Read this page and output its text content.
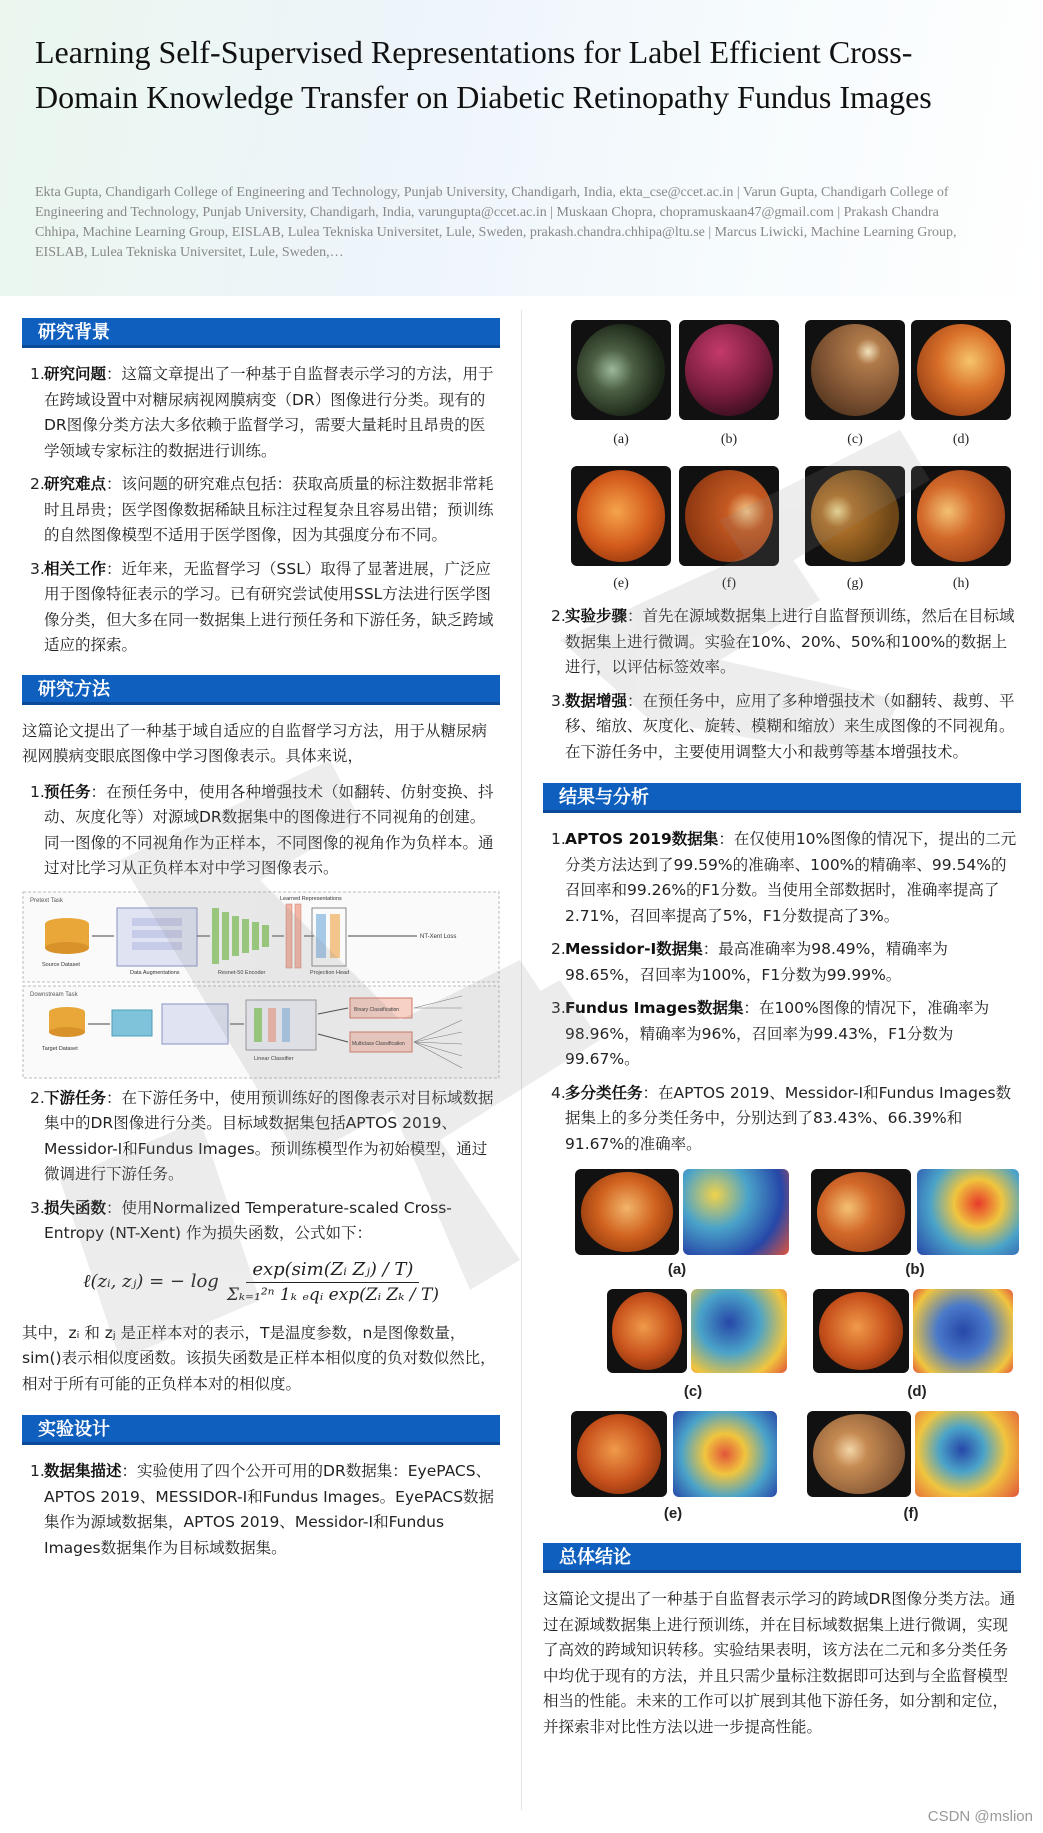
Learning Self-Supervised Representations for Label Efficient Cross-Domain Knowledge Transfer on Diabetic Retinopathy Fundus Images
Ekta Gupta, Chandigarh College of Engineering and Technology, Punjab University, Chandigarh, India, ekta_cse@ccet.ac.in | Varun Gupta, Chandigarh College of Engineering and Technology, Punjab University, Chandigarh, India, varungupta@ccet.ac.in | Muskaan Chopra, chopramuskaan47@gmail.com | Prakash Chandra Chhipa, Machine Learning Group, EISLAB, Lulea Tekniska Universitet, Lule, Sweden, prakash.chandra.chhipa@ltu.se | Marcus Liwicki, Machine Learning Group, EISLAB, Lulea Tekniska Universitet, Lule, Sweden,…
研究背景
1. 研究问题：这篇文章提出了一种基于自监督表示学习的方法，用于在跨域设置中对糖尿病视网膜病变（DR）图像进行分类。现有的DR图像分类方法大多依赖于监督学习，需要大量耗时且昂贵的医学领域专家标注的数据进行训练。
2. 研究难点：该问题的研究难点包括：获取高质量的标注数据非常耗时且昂贵；医学图像数据稀缺且标注过程复杂且容易出错；预训练的自然图像模型不适用于医学图像，因为其强度分布不同。
3. 相关工作：近年来，无监督学习（SSL）取得了显著进展，广泛应用于图像特征表示的学习。已有研究尝试使用SSL方法进行医学图像分类，但大多在同一数据集上进行预任务和下游任务，缺乏跨域适应的探索。
研究方法

这篇论文提出了一种基于域自适应的自监督学习方法，用于从糖尿病视网膜病变眼底图像中学习图像表示。具体来说，

1. 预任务：在预任务中，使用各种增强技术（如翻转、仿射变换、抖动、灰度化等）对源域DR数据集中的图像进行不同视角的创建。同一图像的不同视角作为正样本，不同图像的视角作为负样本。通过对比学习从正负样本对中学习图像表示。
Pretext Task
Downstream Task
Source Dataset
Data Augmentations	Resnet-50 Encoder
Learned Representations
Projection Head
NT-Xent Loss
Target Dataset
Linear Classifier
Binary Classification
Multiclass Classification
2. 下游任务：在下游任务中，使用预训练好的图像表示对目标域数据集中的DR图像进行分类。目标域数据集包括APTOS 2019、Messidor-I和Fundus Images。预训练模型作为初始模型，通过微调进行下游任务。
3. 损失函数：使用Normalized Temperature-scaled Cross-Entropy (NT-Xent) 作为损失函数，公式如下：
ℓ(zᵢ, zⱼ) = − $\log \frac{\text{exp(sim(Zᵢ Zⱼ) / T)}}{\text{Σₖ₌₁²ⁿ 1ₖ ₑqᵢ exp(Zᵢ Zₖ / T)}}$

其中，zᵢ 和 zⱼ 是正样本对的表示，T是温度参数，n是图像数量，sim()表示相似度函数。该损失函数是正样本相似度的负对数似然比，相对于所有可能的正负样本对的相似度。

实验设计
1. 数据集描述：实验使用了四个公开可用的DR数据集：EyePACS、APTOS 2019、MESSIDOR-I和Fundus Images。EyePACS数据集作为源域数据集，APTOS 2019、Messidor-I和Fundus Images数据集作为目标域数据集。
(a)	(b)	(c)	(d)
(e)	(f)	(g)	(h)
2. 实验步骤：首先在源域数据集上进行自监督预训练，然后在目标域数据集上进行微调。实验在10%、20%、50%和100%的数据上进行，以评估标签效率。
3. 数据增强：在预任务中，应用了多种增强技术（如翻转、裁剪、平移、缩放、灰度化、旋转、模糊和缩放）来生成图像的不同视角。在下游任务中，主要使用调整大小和裁剪等基本增强技术。
结果与分析
1. APTOS 2019数据集：在仅使用10%图像的情况下，提出的二元分类方法达到了99.59%的准确率、100%的精确率、99.54%的召回率和99.26%的F1分数。当使用全部数据时，准确率提高了2.71%，召回率提高了5%，F1分数提高了3%。
2. Messidor-I数据集：最高准确率为98.49%，精确率为98.65%，召回率为100%，F1分数为99.99%。
3. Fundus Images数据集：在100%图像的情况下，准确率为98.96%，精确率为96%，召回率为99.43%，F1分数为99.67%。
4. 多分类任务：在APTOS 2019、Messidor-I和Fundus Images数据集上的多分类任务中，分别达到了83.43%、66.39%和91.67%的准确率。
(a)	(b)
(c)	(d)
(e)	(f)
总体结论

这篇论文提出了一种基于自监督表示学习的跨域DR图像分类方法。通过在源域数据集上进行预训练，并在目标域数据集上进行微调，实现了高效的跨域知识转移。实验结果表明，该方法在二元和多分类任务中均优于现有的方法，并且只需少量标注数据即可达到与全监督模型相当的性能。未来的工作可以扩展到其他下游任务，如分割和定位，并探索非对比性方法以进一步提高性能。

CSDN @mslion
